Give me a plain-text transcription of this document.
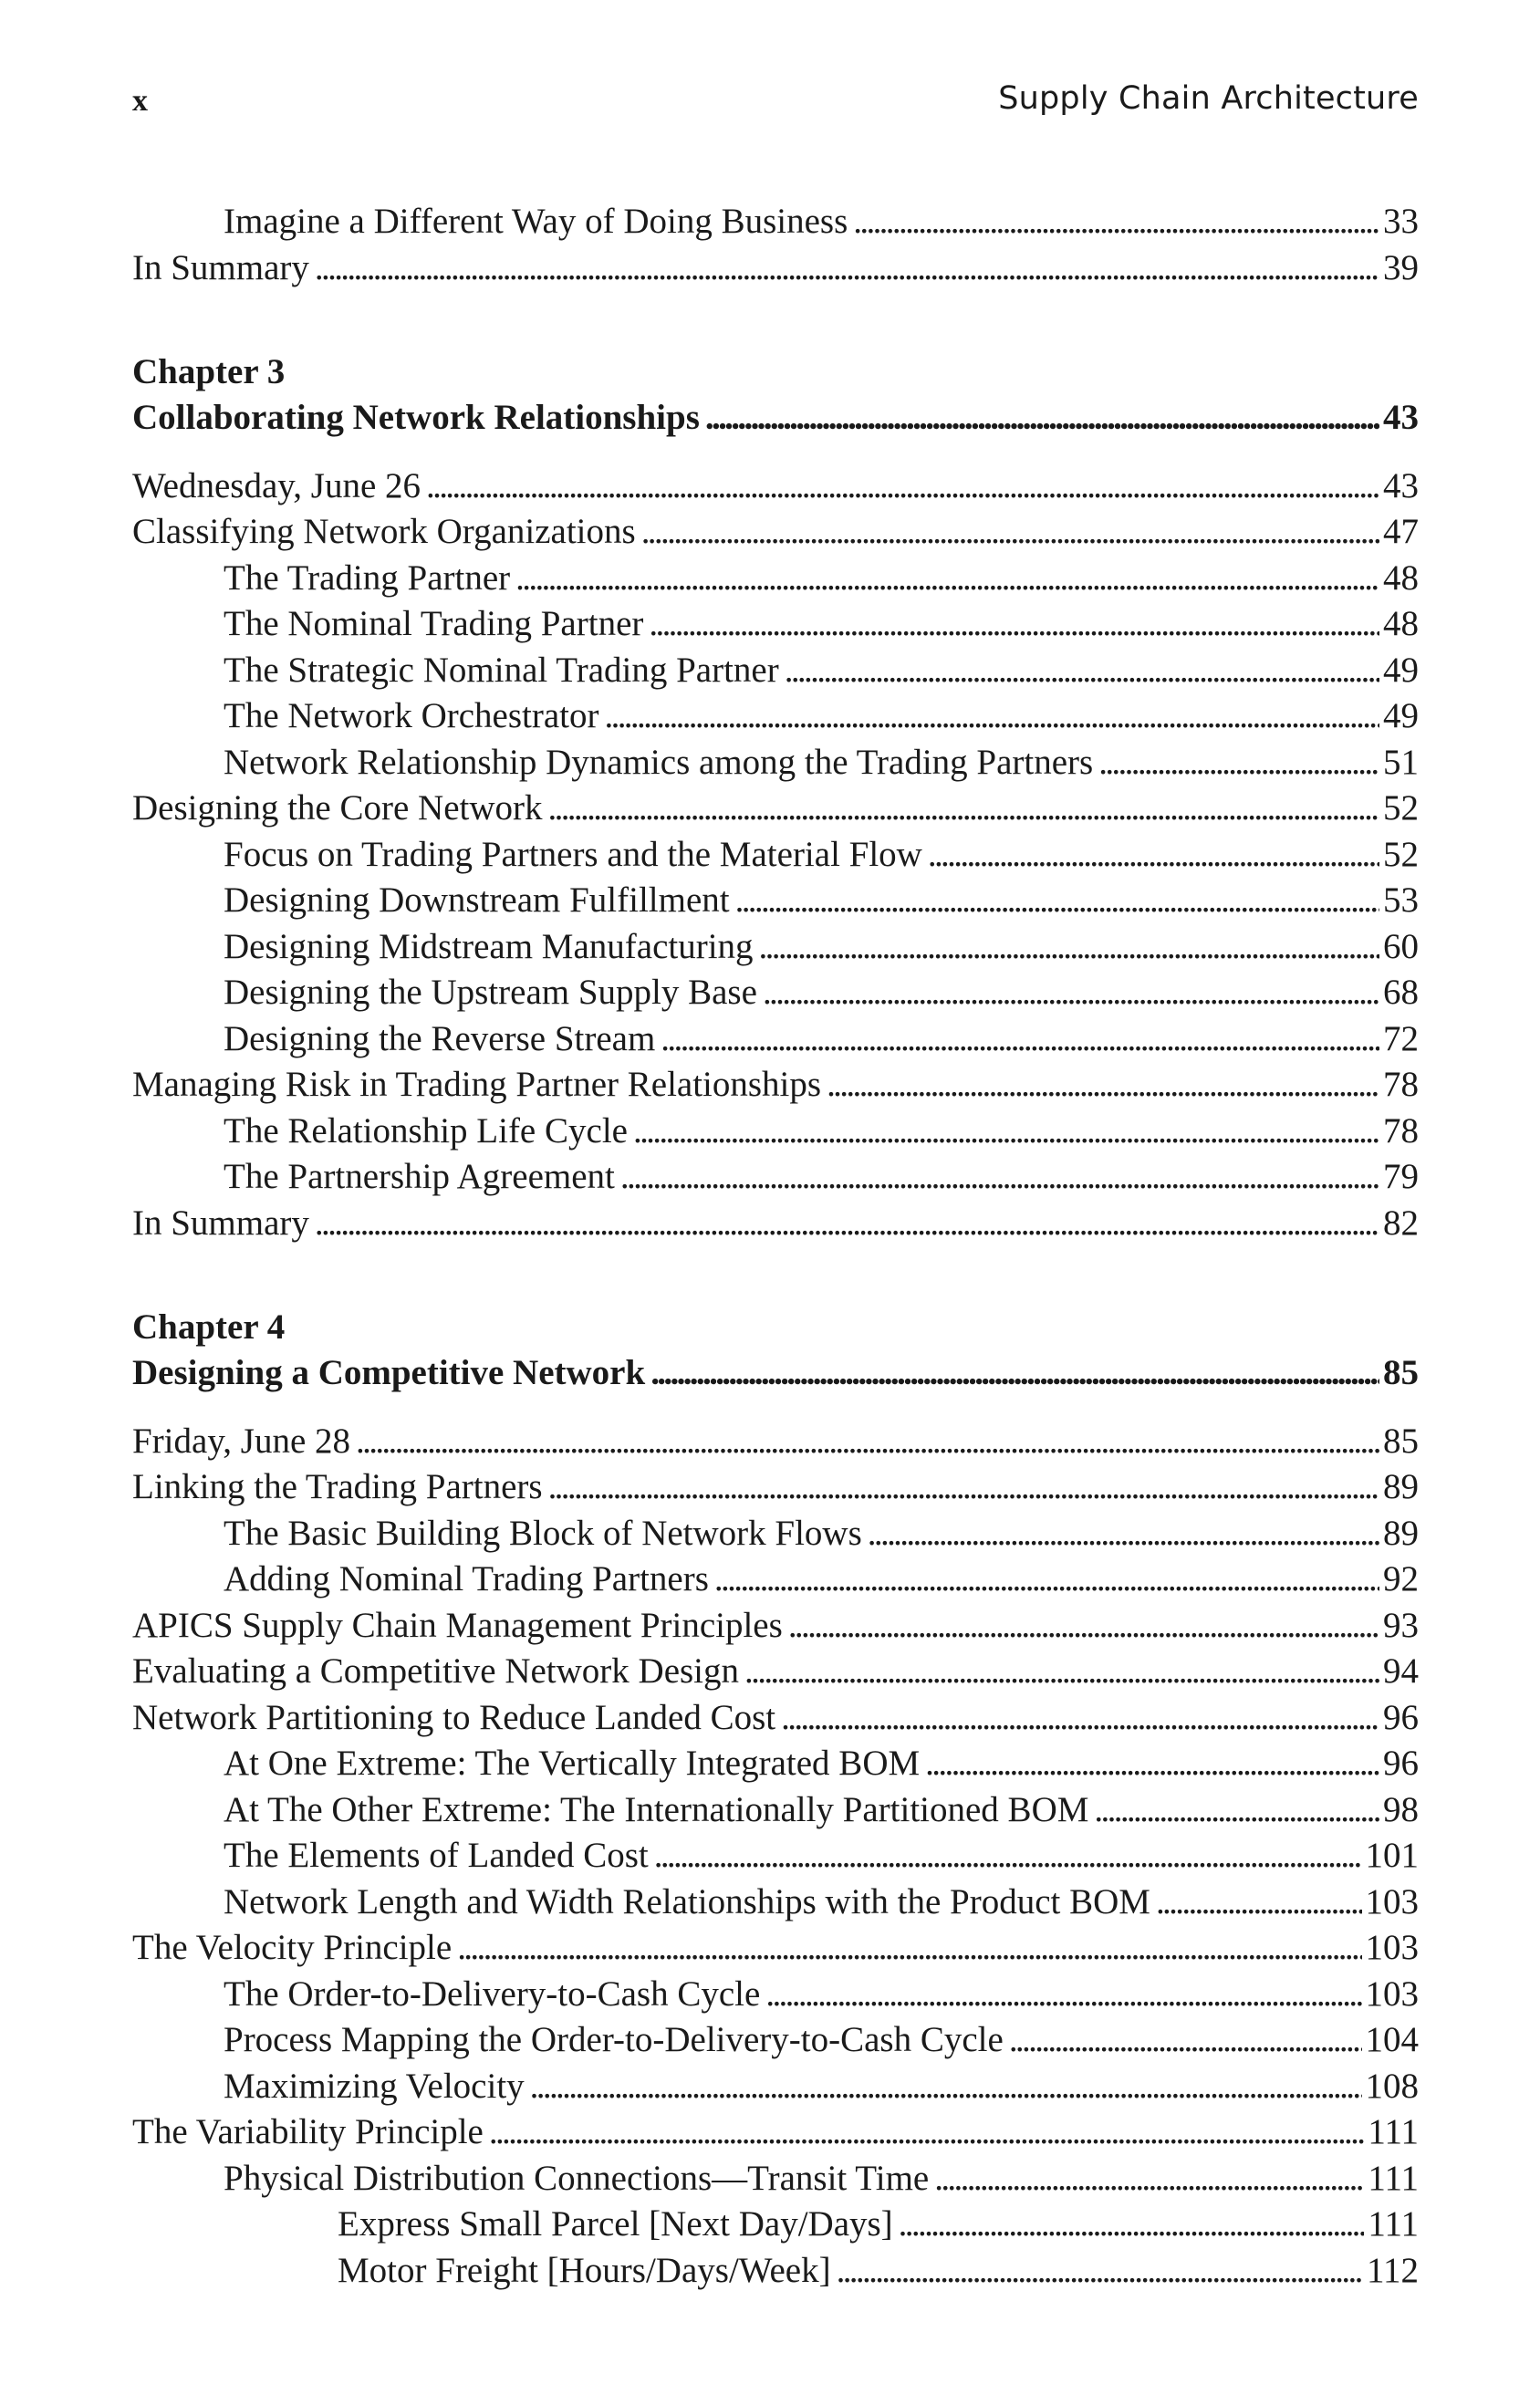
x	Supply Chain Architecture
Imagine a Different Way of Doing Business . . .	33
In Summary . . .	39
Chapter 3
Collaborating Network Relationships . . .	43
Wednesday, June 26 . . .	43
Classifying Network Organizations . . .	47
The Trading Partner . . .	48
The Nominal Trading Partner . . .	48
The Strategic Nominal Trading Partner . . .	49
The Network Orchestrator . . .	49
Network Relationship Dynamics among the Trading Partners . . .	51
Designing the Core Network . . .	52
Focus on Trading Partners and the Material Flow . . .	52
Designing Downstream Fulfillment . . .	53
Designing Midstream Manufacturing . . .	60
Designing the Upstream Supply Base . . .	68
Designing the Reverse Stream . . .	72
Managing Risk in Trading Partner Relationships . . .	78
The Relationship Life Cycle . . .	78
The Partnership Agreement . . .	79
In Summary . . .	82
Chapter 4
Designing a Competitive Network . . .	85
Friday, June 28 . . .	85
Linking the Trading Partners . . .	89
The Basic Building Block of Network Flows . . .	89
Adding Nominal Trading Partners . . .	92
APICS Supply Chain Management Principles . . .	93
Evaluating a Competitive Network Design . . .	94
Network Partitioning to Reduce Landed Cost . . .	96
At One Extreme: The Vertically Integrated BOM . . .	96
At The Other Extreme: The Internationally Partitioned BOM . . .	98
The Elements of Landed Cost . . .	101
Network Length and Width Relationships with the Product BOM . . .	103
The Velocity Principle . . .	103
The Order-to-Delivery-to-Cash Cycle . . .	103
Process Mapping the Order-to-Delivery-to-Cash Cycle . . .	104
Maximizing Velocity . . .	108
The Variability Principle . . .	111
Physical Distribution Connections—Transit Time . . .	111
Express Small Parcel [Next Day/Days] . . .	111
Motor Freight [Hours/Days/Week] . . .	112
